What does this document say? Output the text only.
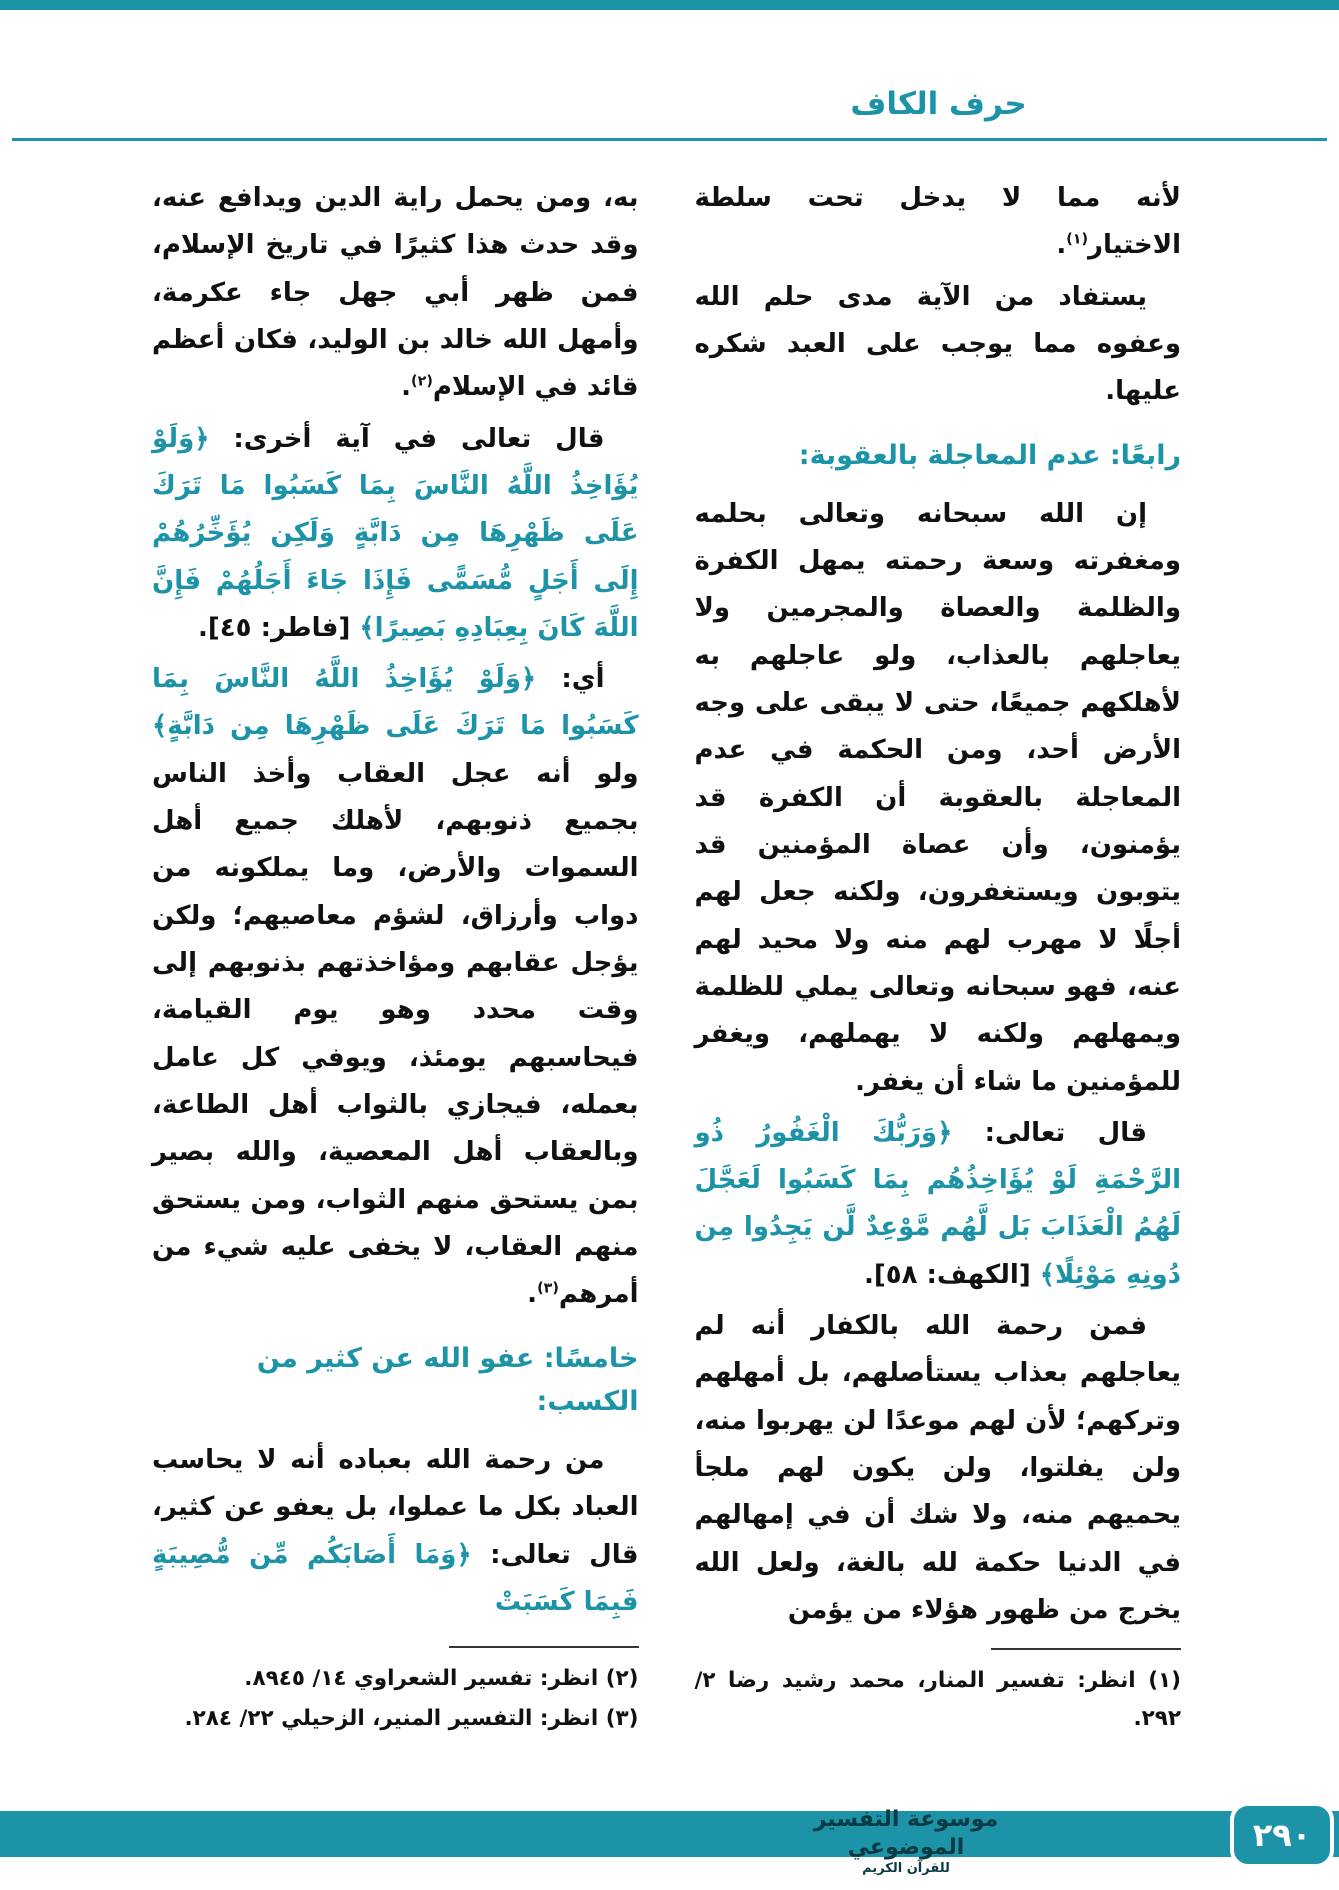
حرف الكاف

لأنه مما لا يدخل تحت سلطة الاختيار$^{(١)}$.

يستفاد من الآية مدى حلم الله وعفوه مما يوجب على العبد شكره عليها.

رابعًا: عدم المعاجلة بالعقوبة:

إن الله سبحانه وتعالى بحلمه ومغفرته وسعة رحمته يمهل الكفرة والظلمة والعصاة والمجرمين ولا يعاجلهم بالعذاب، ولو عاجلهم به لأهلكهم جميعًا، حتى لا يبقى على وجه الأرض أحد، ومن الحكمة في عدم المعاجلة بالعقوبة أن الكفرة قد يؤمنون، وأن عصاة المؤمنين قد يتوبون ويستغفرون، ولكنه جعل لهم أجلًا لا مهرب لهم منه ولا محيد لهم عنه، فهو سبحانه وتعالى يملي للظلمة ويمهلهم ولكنه لا يهملهم، ويغفر للمؤمنين ما شاء أن يغفر.

قال تعالى: ﴿وَرَبُّكَ الْغَفُورُ ذُو الرَّحْمَةِ لَوْ يُؤَاخِذُهُم بِمَا كَسَبُوا لَعَجَّلَ لَهُمُ الْعَذَابَ بَل لَّهُم مَّوْعِدٌ لَّن يَجِدُوا مِن دُونِهِ مَوْئِلًا﴾ [الكهف: ٥٨].

فمن رحمة الله بالكفار أنه لم يعاجلهم بعذاب يستأصلهم، بل أمهلهم وتركهم؛ لأن لهم موعدًا لن يهربوا منه، ولن يفلتوا، ولن يكون لهم ملجأ يحميهم منه، ولا شك أن في إمهالهم في الدنيا حكمة لله بالغة، ولعل الله يخرج من ظهور هؤلاء من يؤمن

(١) انظر: تفسير المنار، محمد رشيد رضا ٢/ ٢٩٢.

به، ومن يحمل راية الدين ويدافع عنه، وقد حدث هذا كثيرًا في تاريخ الإسلام، فمن ظهر أبي جهل جاء عكرمة، وأمهل الله خالد بن الوليد، فكان أعظم قائد في الإسلام$^{(٢)}$.

قال تعالى في آية أخرى: ﴿وَلَوْ يُؤَاخِذُ اللَّهُ النَّاسَ بِمَا كَسَبُوا مَا تَرَكَ عَلَى ظَهْرِهَا مِن دَابَّةٍ وَلَكِن يُؤَخِّرُهُمْ إِلَى أَجَلٍ مُّسَمًّى فَإِذَا جَاءَ أَجَلُهُمْ فَإِنَّ اللَّهَ كَانَ بِعِبَادِهِ بَصِيرًا﴾ [فاطر: ٤٥].

أي: ﴿وَلَوْ يُؤَاخِذُ اللَّهُ النَّاسَ بِمَا كَسَبُوا مَا تَرَكَ عَلَى ظَهْرِهَا مِن دَابَّةٍ﴾ ولو أنه عجل العقاب وأخذ الناس بجميع ذنوبهم، لأهلك جميع أهل السموات والأرض، وما يملكونه من دواب وأرزاق، لشؤم معاصيهم؛ ولكن يؤجل عقابهم ومؤاخذتهم بذنوبهم إلى وقت محدد وهو يوم القيامة، فيحاسبهم يومئذ، ويوفي كل عامل بعمله، فيجازي بالثواب أهل الطاعة، وبالعقاب أهل المعصية، والله بصير بمن يستحق منهم الثواب، ومن يستحق منهم العقاب، لا يخفى عليه شيء من أمرهم$^{(٣)}$.

خامسًا: عفو الله عن كثير من الكسب:

من رحمة الله بعباده أنه لا يحاسب العباد بكل ما عملوا، بل يعفو عن كثير، قال تعالى: ﴿وَمَا أَصَابَكُم مِّن مُّصِيبَةٍ فَبِمَا كَسَبَتْ

(٢) انظر: تفسير الشعراوي ١٤/ ٨٩٤٥.

(٣) انظر: التفسير المنير، الزحيلي ٢٢/ ٢٨٤.

موسوعة التفسير الموضوعي
للقرآن الكريم
٢٩٠
